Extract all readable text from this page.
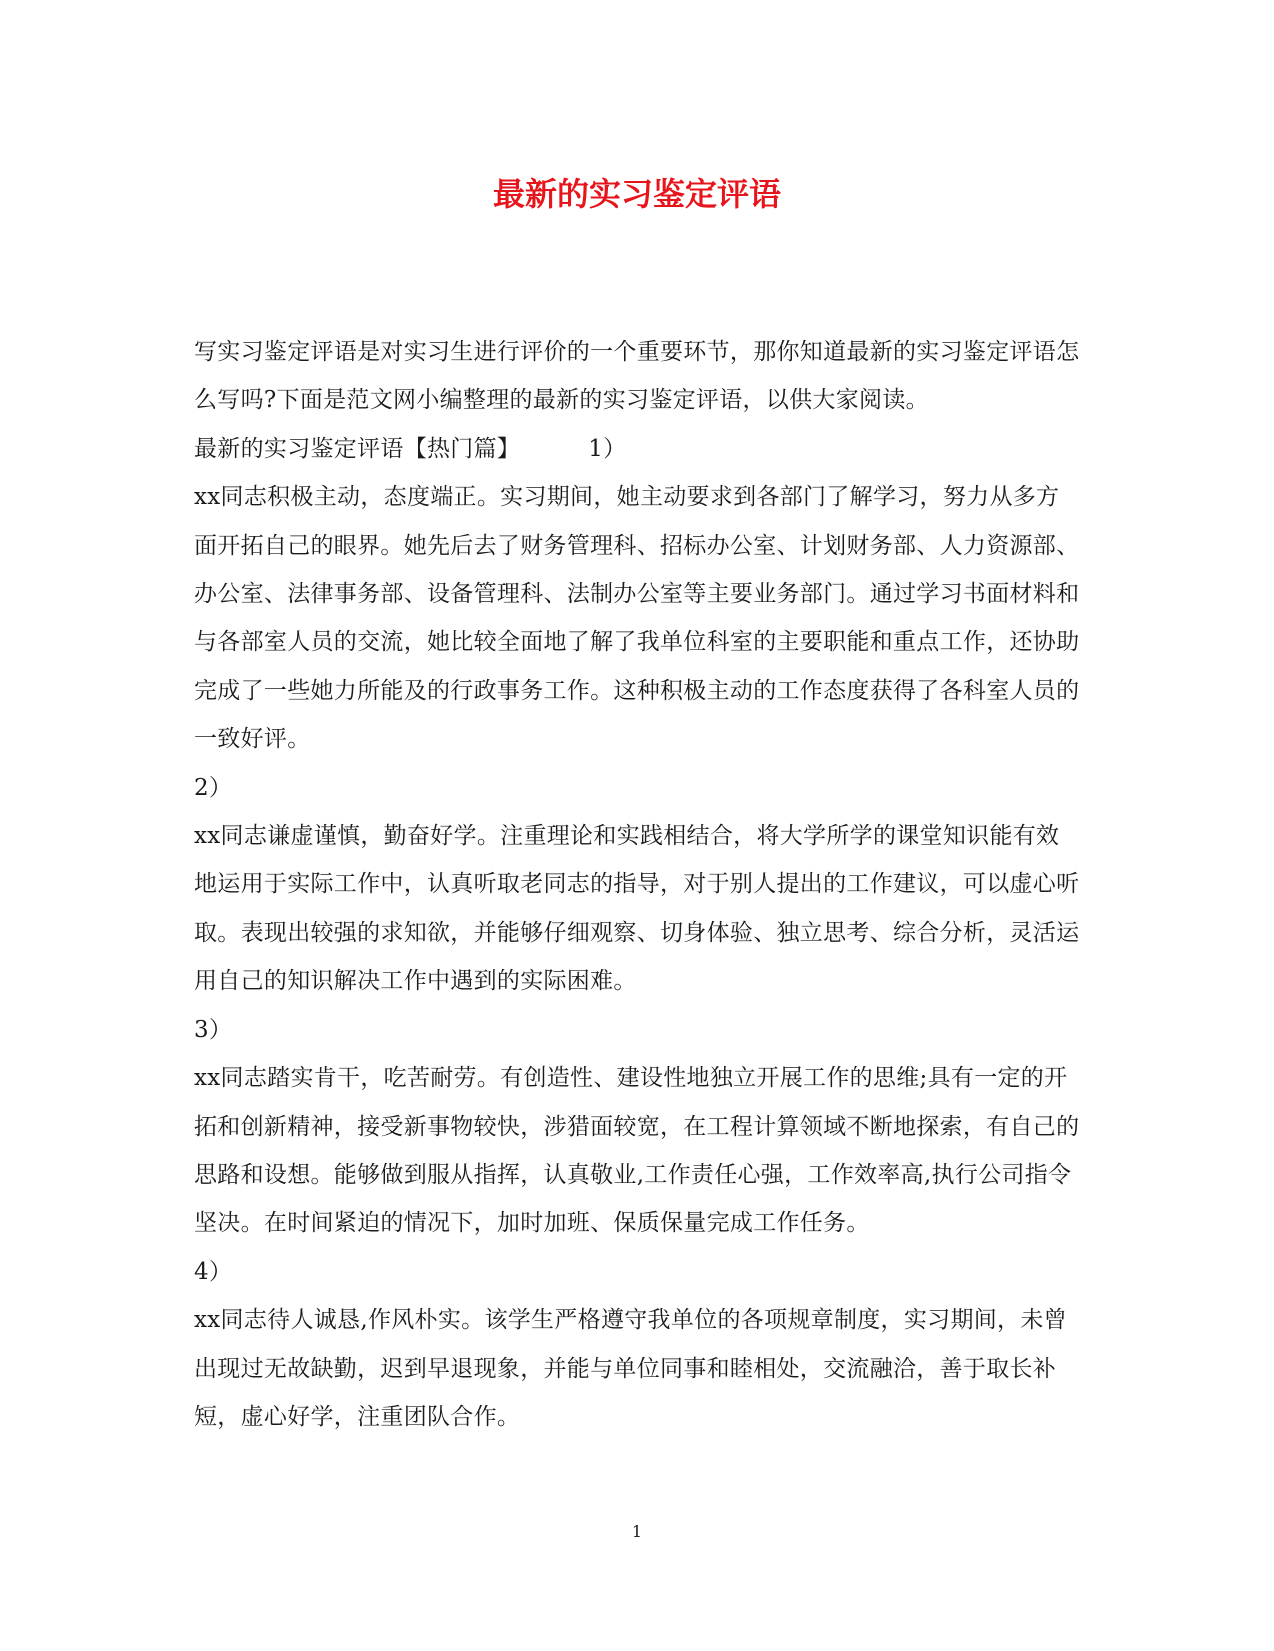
最新的实习鉴定评语

写实习鉴定评语是对实习生进行评价的一个重要环节，那你知道最新的实习鉴定评语怎么写吗?下面是范文网小编整理的最新的实习鉴定评语，以供大家阅读。

最新的实习鉴定评语【热门篇】	1）

xx同志积极主动，态度端正。实习期间，她主动要求到各部门了解学习，努力从多方面开拓自己的眼界。她先后去了财务管理科、招标办公室、计划财务部、人力资源部、办公室、法律事务部、设备管理科、法制办公室等主要业务部门。通过学习书面材料和与各部室人员的交流，她比较全面地了解了我单位科室的主要职能和重点工作，还协助完成了一些她力所能及的行政事务工作。这种积极主动的工作态度获得了各科室人员的一致好评。

2）

xx同志谦虚谨慎，勤奋好学。注重理论和实践相结合，将大学所学的课堂知识能有效地运用于实际工作中，认真听取老同志的指导，对于别人提出的工作建议，可以虚心听取。表现出较强的求知欲，并能够仔细观察、切身体验、独立思考、综合分析，灵活运用自己的知识解决工作中遇到的实际困难。

3）

xx同志踏实肯干，吃苦耐劳。有创造性、建设性地独立开展工作的思维;具有一定的开拓和创新精神，接受新事物较快，涉猎面较宽，在工程计算领域不断地探索，有自己的思路和设想。能够做到服从指挥，认真敬业,工作责任心强，工作效率高,执行公司指令坚决。在时间紧迫的情况下，加时加班、保质保量完成工作任务。

4）

xx同志待人诚恳,作风朴实。该学生严格遵守我单位的各项规章制度，实习期间，未曾出现过无故缺勤，迟到早退现象，并能与单位同事和睦相处，交流融洽，善于取长补短，虚心好学，注重团队合作。

1
